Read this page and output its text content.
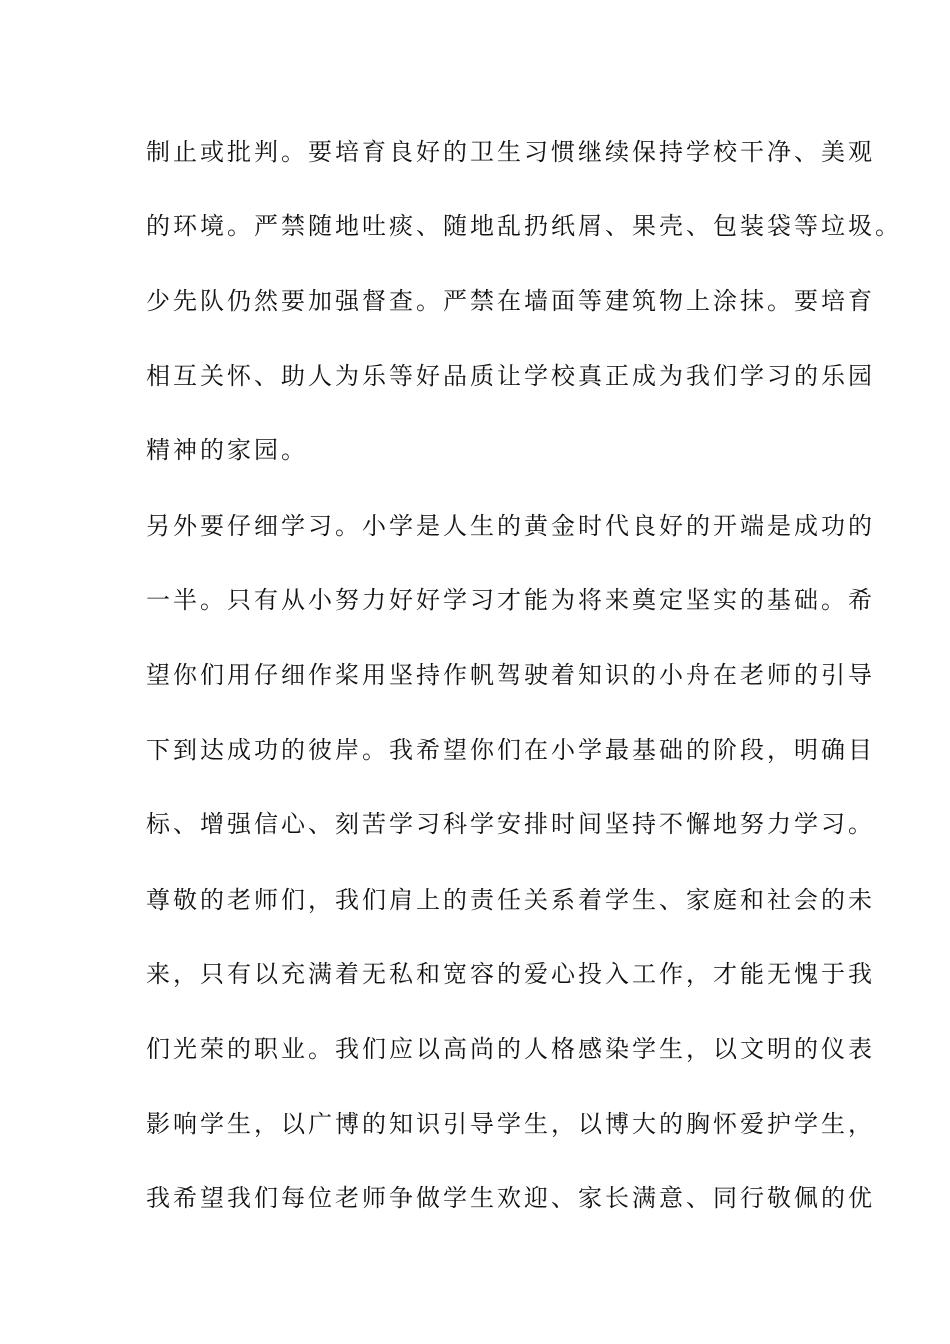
制止或批判。要培育良好的卫生习惯继续保持学校干净、美观
的环境。严禁随地吐痰、随地乱扔纸屑、果壳、包装袋等垃圾。
少先队仍然要加强督查。严禁在墙面等建筑物上涂抹。要培育
相互关怀、助人为乐等好品质让学校真正成为我们学习的乐园
精神的家园。
另外要仔细学习。小学是人生的黄金时代良好的开端是成功的
一半。只有从小努力好好学习才能为将来奠定坚实的基础。希
望你们用仔细作桨用坚持作帆驾驶着知识的小舟在老师的引导
下到达成功的彼岸。我希望你们在小学最基础的阶段，明确目
标、增强信心、刻苦学习科学安排时间坚持不懈地努力学习。
尊敬的老师们，我们肩上的责任关系着学生、家庭和社会的未
来，只有以充满着无私和宽容的爱心投入工作，才能无愧于我
们光荣的职业。我们应以高尚的人格感染学生，以文明的仪表
影响学生，以广博的知识引导学生，以博大的胸怀爱护学生，
我希望我们每位老师争做学生欢迎、家长满意、同行敬佩的优
